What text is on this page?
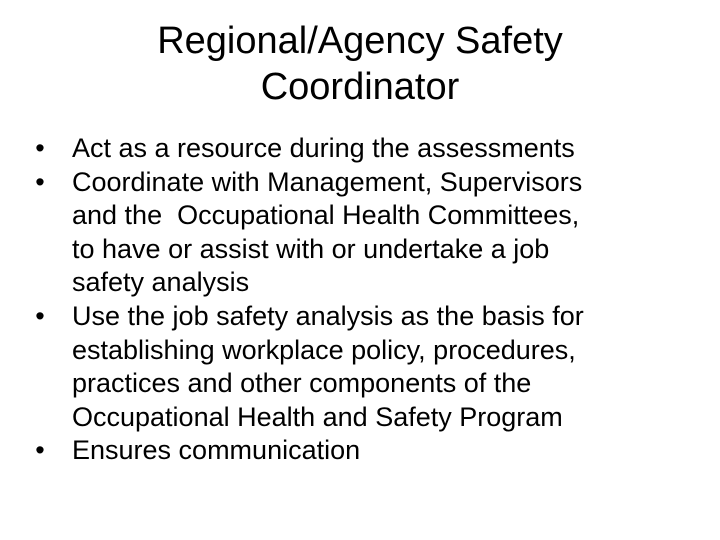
Regional/Agency Safety
Coordinator
• Act as a resource during the assessments
• Coordinate with Management, Supervisors
and the  Occupational Health Committees,
to have or assist with or undertake a job
safety analysis
• Use the job safety analysis as the basis for
establishing workplace policy, procedures,
practices and other components of the
Occupational Health and Safety Program
• Ensures communication
